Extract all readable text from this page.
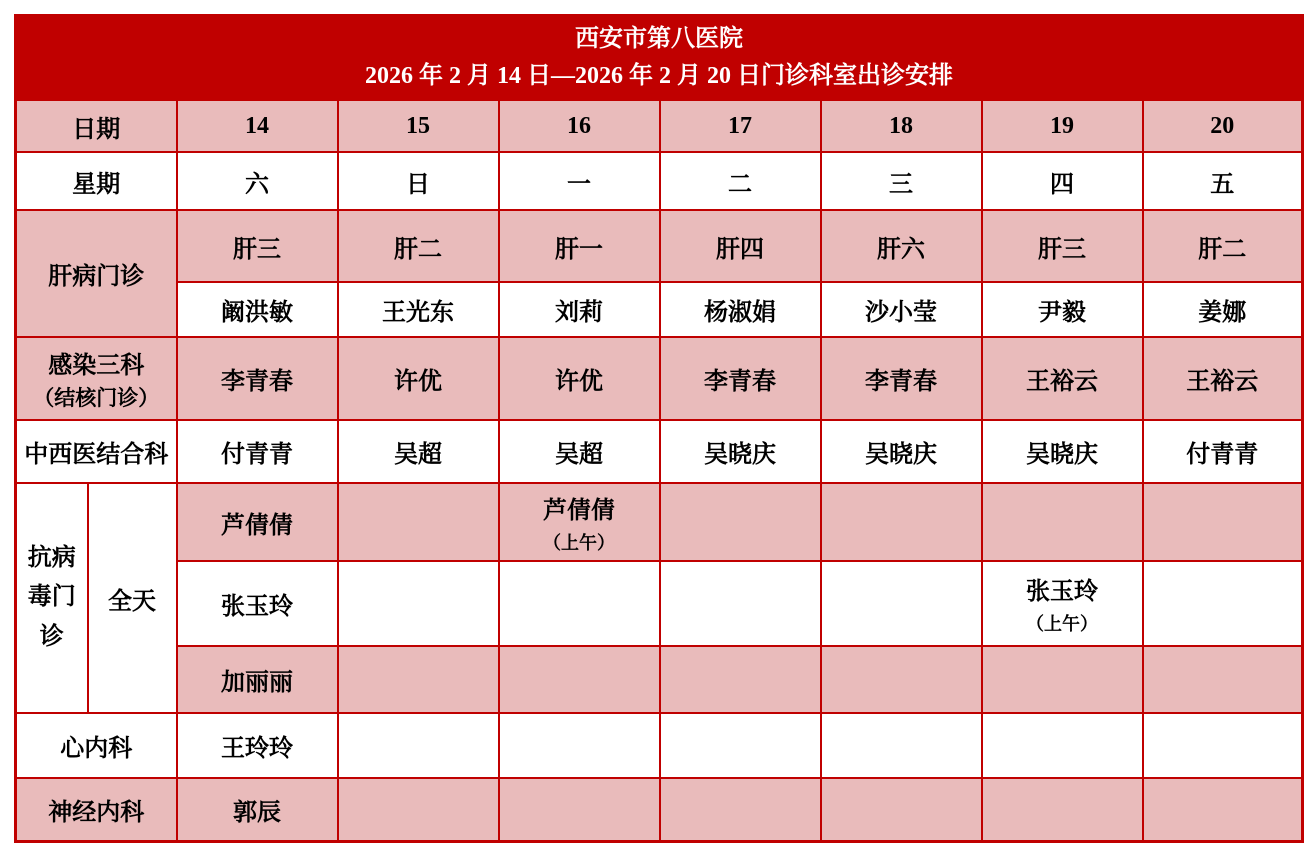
西安市第八医院
2026 年 2 月 14 日—2026 年 2 月 20 日门诊科室出诊安排								

日期		14	15	16	17	18	19	20
星期		六	日	一	二	三	四	五
肝病门诊		肝三	肝二	肝一	肝四	肝六	肝三	肝二
		阚洪敏	王光东	刘莉	杨淑娟	沙小莹	尹毅	姜娜
感染三科
（结核门诊）		李青春	许优	许优	李青春	李青春	王裕云	王裕云
中西医结合科		付青青	吴超	吴超	吴晓庆	吴晓庆	吴晓庆	付青青
抗病毒门诊	全天	芦倩倩		芦倩倩
（上午）				

		张玉玲					张玉玲
（上午）	

		加丽丽						
心内科		王玲玲						
神经内科		郭辰						
